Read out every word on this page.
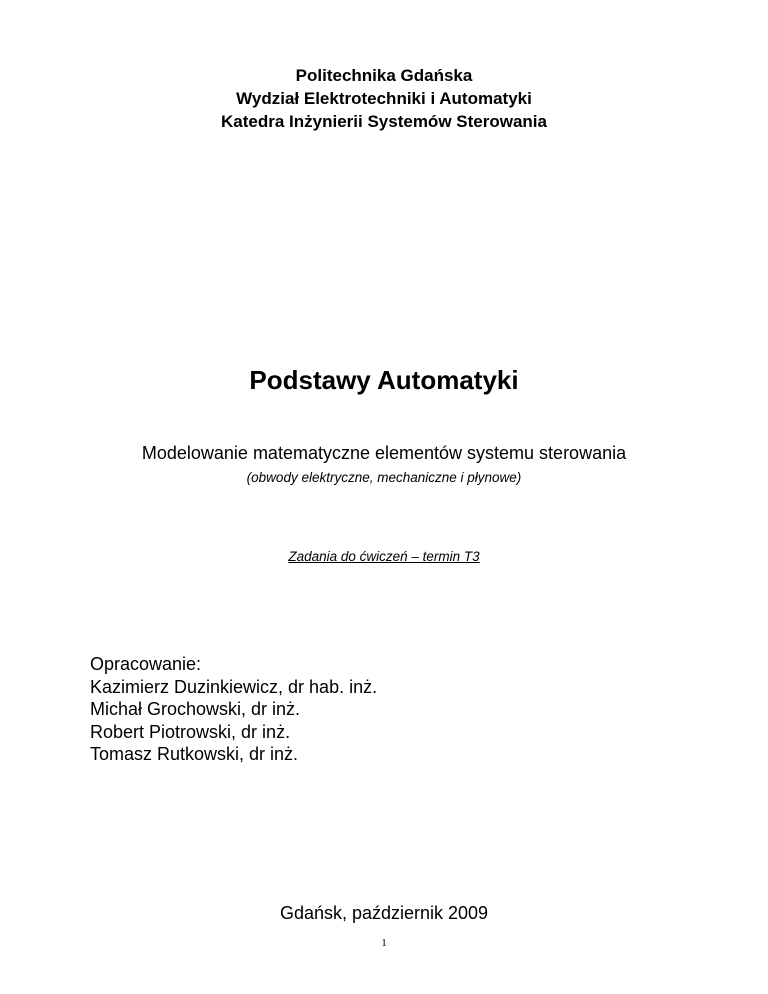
Politechnika Gdańska
Wydział Elektrotechniki i Automatyki
Katedra Inżynierii Systemów Sterowania
Podstawy Automatyki
Modelowanie matematyczne elementów systemu sterowania
(obwody elektryczne, mechaniczne i płynowe)
Zadania do ćwiczeń – termin T3
Opracowanie:
Kazimierz Duzinkiewicz, dr hab. inż.
Michał Grochowski, dr inż.
Robert Piotrowski, dr inż.
Tomasz Rutkowski, dr inż.
Gdańsk, październik 2009
1
